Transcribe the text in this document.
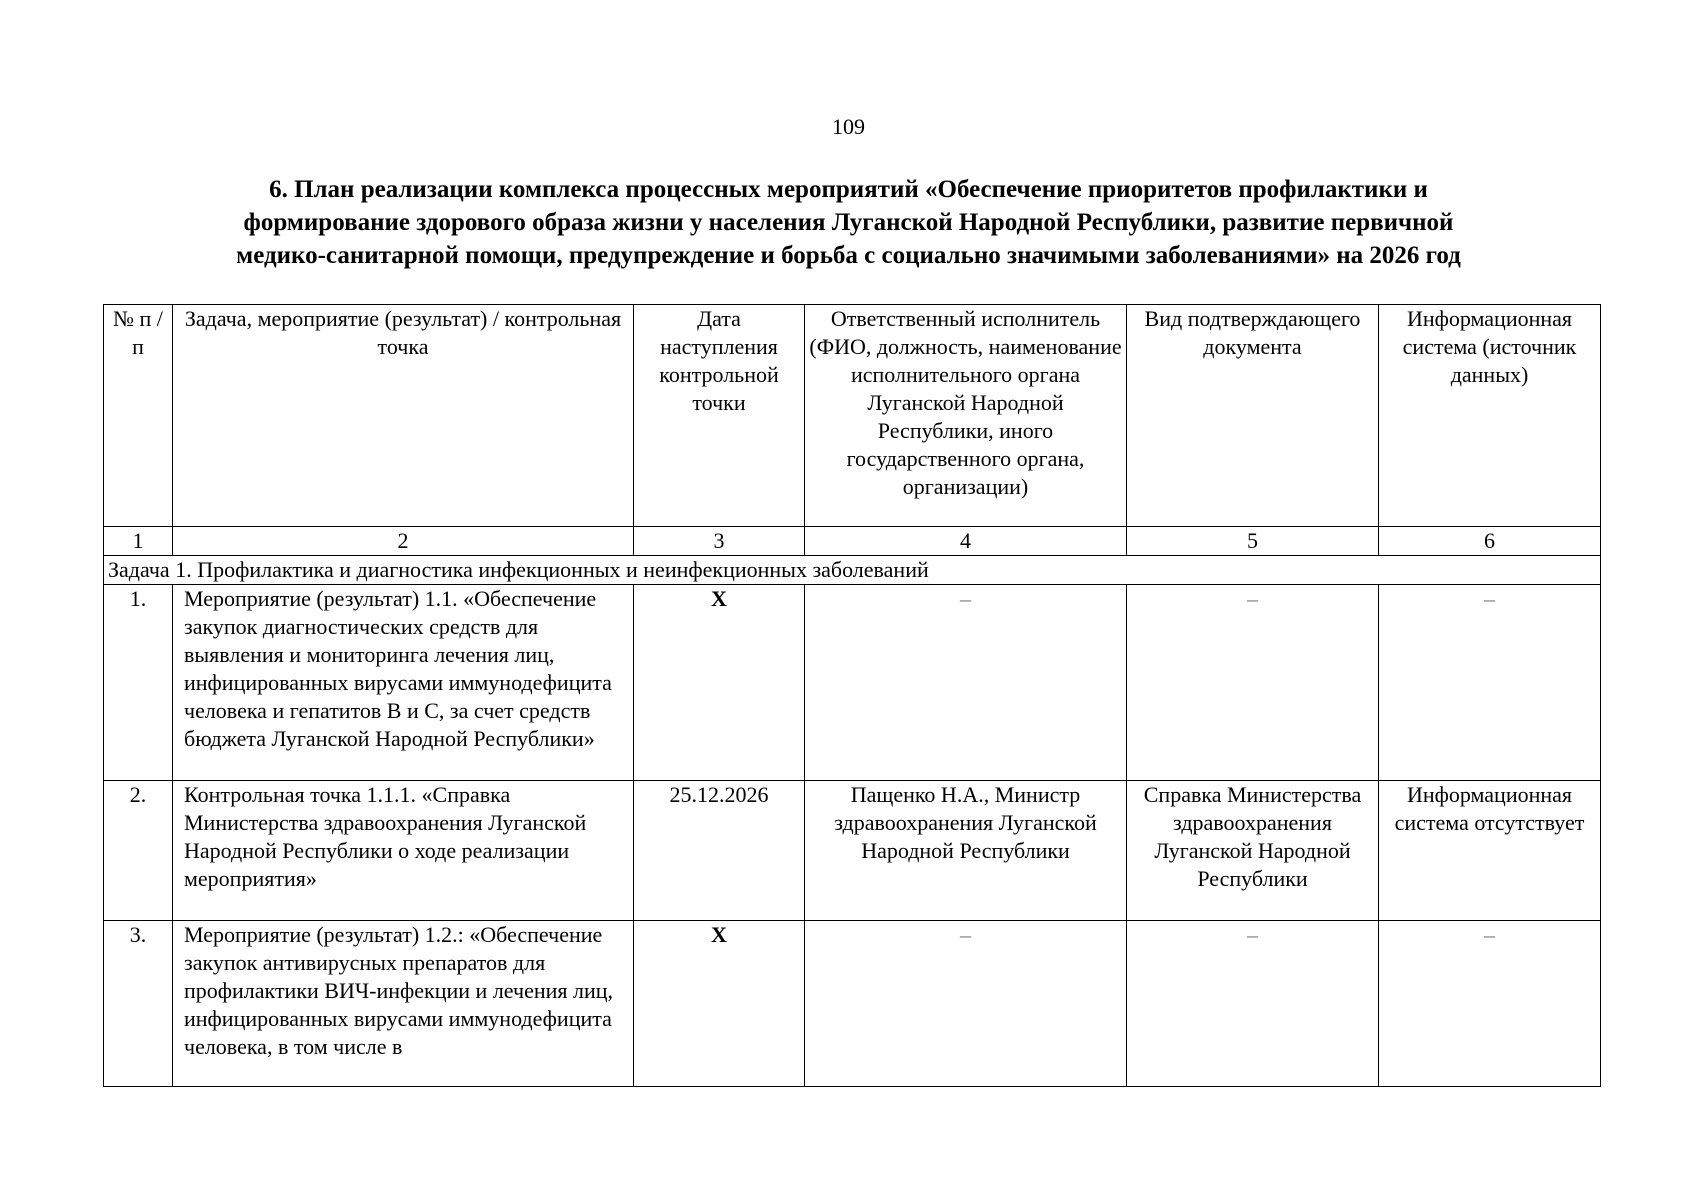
109
6. План реализации комплекса процессных мероприятий «Обеспечение приоритетов профилактики и
формирование здорового образа жизни у населения Луганской Народной Республики, развитие первичной
медико-санитарной помощи, предупреждение и борьба с социально значимыми заболеваниями» на 2026 год
№ п / п	Задача, мероприятие (результат) / контрольная точка	Дата наступления контрольной точки	Ответственный исполнитель (ФИО, должность, наименование исполнительного органа Луганской Народной Республики, иного государственного органа, организации)	Вид подтверждающего документа	Информационная система (источник данных)
1	2	3	4	5	6
Задача 1. Профилактика и диагностика инфекционных и неинфекционных заболеваний					
1.	Мероприятие (результат) 1.1. «Обеспечение закупок диагностических средств для выявления и мониторинга лечения лиц, инфицированных вирусами иммунодефицита человека и гепатитов B и C, за счет средств бюджета Луганской Народной Республики»	X	–	–	–
2.	Контрольная точка 1.1.1. «Справка Министерства здравоохранения Луганской Народной Республики о ходе реализации мероприятия»	25.12.2026	Пащенко Н.А., Министр здравоохранения Луганской Народной Республики	Справка Министерства здравоохранения Луганской Народной Республики	Информационная система отсутствует
3.	Мероприятие (результат) 1.2.: «Обеспечение закупок антивирусных препаратов для профилактики ВИЧ-инфекции и лечения лиц, инфицированных вирусами иммунодефицита человека, в том числе в	X	–	–	–
